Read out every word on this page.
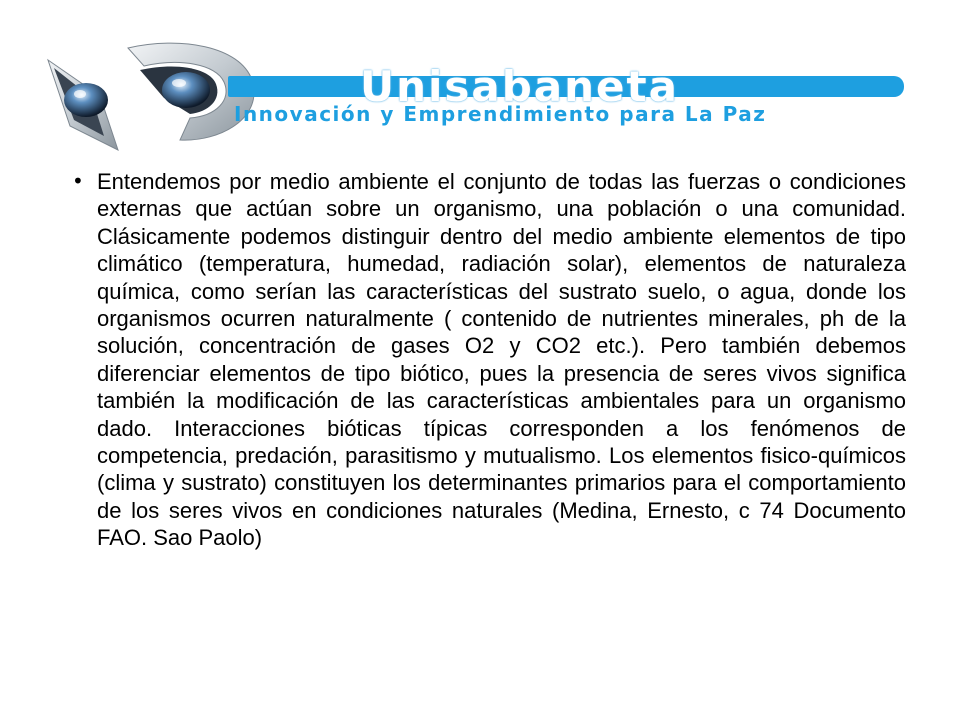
Unisabaneta
Innovación y Emprendimiento para La Paz
• Entendemos por medio ambiente el conjunto de todas las fuerzas o condiciones externas que actúan sobre un organismo, una población o una comunidad. Clásicamente podemos distinguir dentro del medio ambiente elementos de tipo climático (temperatura, humedad, radiación solar), elementos de naturaleza química, como serían las características del sustrato suelo, o agua, donde los organismos ocurren naturalmente ( contenido de nutrientes minerales, ph de la solución, concentración de gases O2 y CO2 etc.). Pero también debemos diferenciar elementos de tipo biótico, pues la presencia de seres vivos significa también la modificación de las características ambientales para un organismo dado. Interacciones bióticas típicas corresponden a los fenómenos de competencia, predación, parasitismo y mutualismo. Los elementos fisico-químicos (clima y sustrato) constituyen los determinantes primarios para el comportamiento de los seres vivos en condiciones naturales (Medina, Ernesto, c 74 Documento FAO. Sao Paolo)
